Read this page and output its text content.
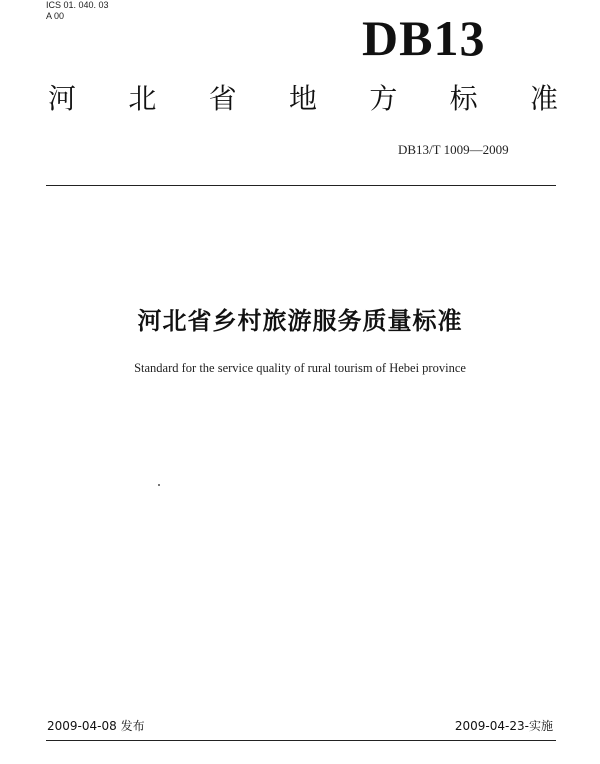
ICS 01. 040. 03
A 00	DB13
河 北 省 地 方 标 准
DB13/T 1009—2009
河北省乡村旅游服务质量标准
Standard for the service quality of rural tourism of Hebei province
2009-04-08 发布	2009-04-23-实施
